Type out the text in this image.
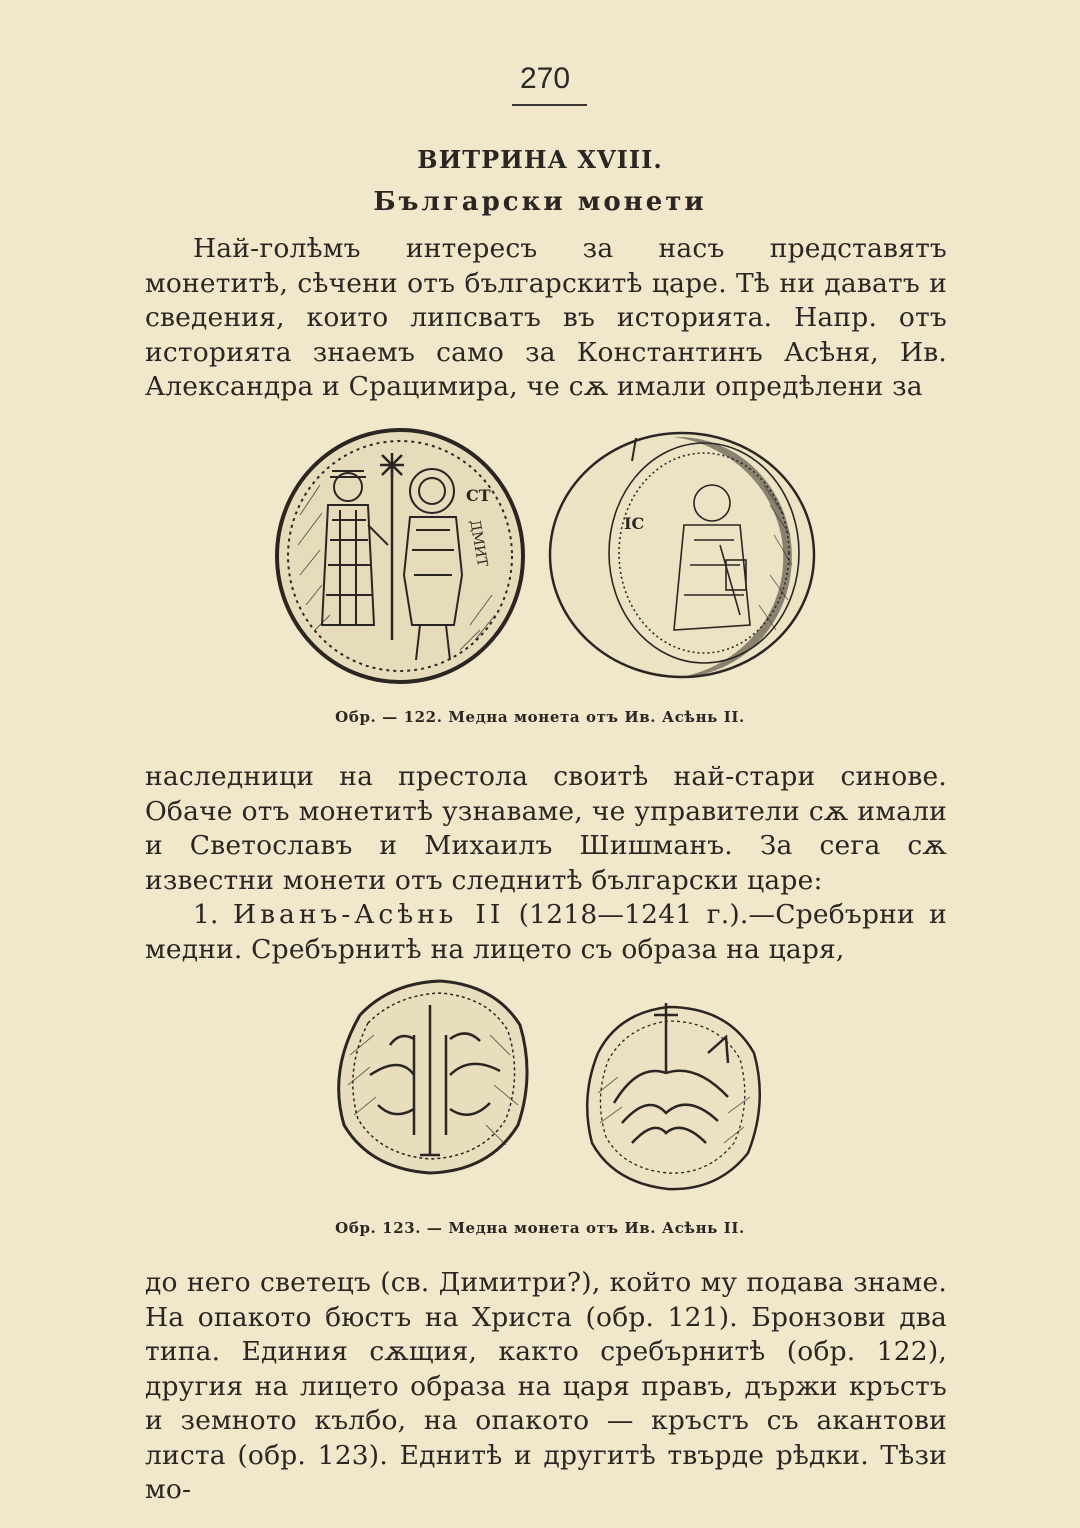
270
ВИТРИНА XVIII.
Български монети

Най-голѣмъ интересъ за насъ представятъ монетитѣ, сѣчени отъ българскитѣ царе. Тѣ ни даватъ и сведения, които липсватъ въ историята. Напр. отъ историята знаемъ само за Константинъ Асѣня, Ив. Александра и Срацимира, че сѫ имали опредѣлени за

СТ
ДМИТ	IC
Обр. — 122. Медна монета отъ Ив. Асѣнь II.

наследници на престола своитѣ най-стари синове. Обаче отъ монетитѣ узнаваме, че управители сѫ имали и Светославъ и Михаилъ Шишманъ. За сега сѫ известни монети отъ следнитѣ български царе:

1. Иванъ-Асѣнь II (1218—1241 г.).—Сребърни и медни. Сребърнитѣ на лицето съ образа на царя,

Обр. 123. — Медна монета отъ Ив. Асѣнь II.

до него светецъ (св. Димитри?), който му подава знаме. На опакото бюстъ на Христа (обр. 121). Бронзови два типа. Единия сѫщия, както сребърнитѣ (обр. 122), другия на лицето образа на царя правъ, държи кръстъ и земното кълбо, на опакото — кръстъ съ акантови листа (обр. 123). Еднитѣ и другитѣ твърде рѣдки. Тѣзи мо-
